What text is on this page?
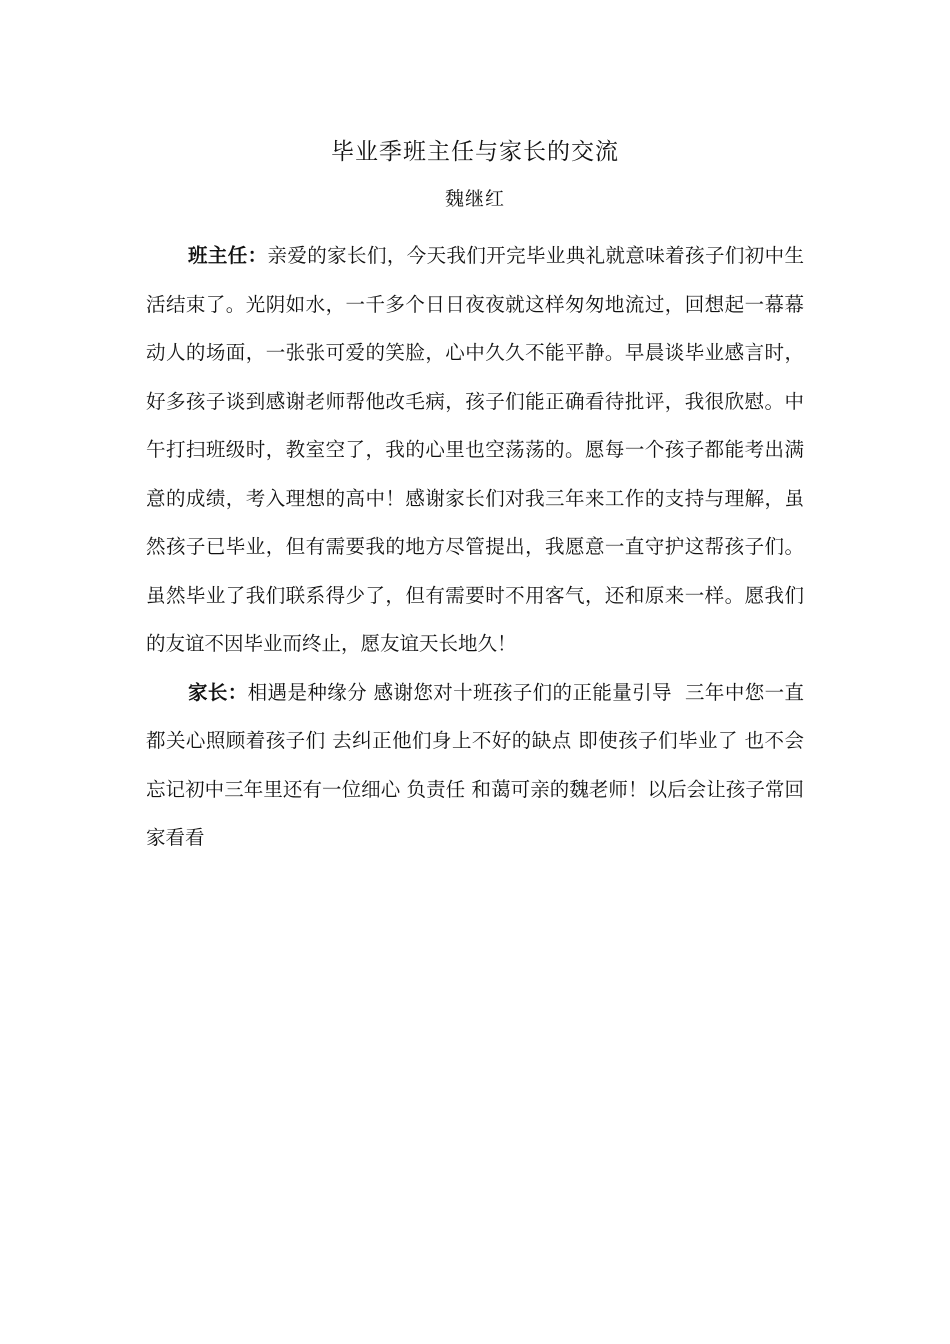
毕业季班主任与家长的交流
魏继红

班主任：亲爱的家长们，今天我们开完毕业典礼就意味着孩子们初中生活结束了。光阴如水，一千多个日日夜夜就这样匆匆地流过，回想起一幕幕动人的场面，一张张可爱的笑脸，心中久久不能平静。早晨谈毕业感言时，好多孩子谈到感谢老师帮他改毛病，孩子们能正确看待批评，我很欣慰。中午打扫班级时，教室空了，我的心里也空荡荡的。愿每一个孩子都能考出满意的成绩，考入理想的高中！感谢家长们对我三年来工作的支持与理解，虽然孩子已毕业，但有需要我的地方尽管提出，我愿意一直守护这帮孩子们。虽然毕业了我们联系得少了，但有需要时不用客气，还和原来一样。愿我们的友谊不因毕业而终止，愿友谊天长地久！

家长：相遇是种缘分 感谢您对十班孩子们的正能量引导  三年中您一直都关心照顾着孩子们 去纠正他们身上不好的缺点 即使孩子们毕业了 也不会忘记初中三年里还有一位细心 负责任 和蔼可亲的魏老师！以后会让孩子常回家看看
